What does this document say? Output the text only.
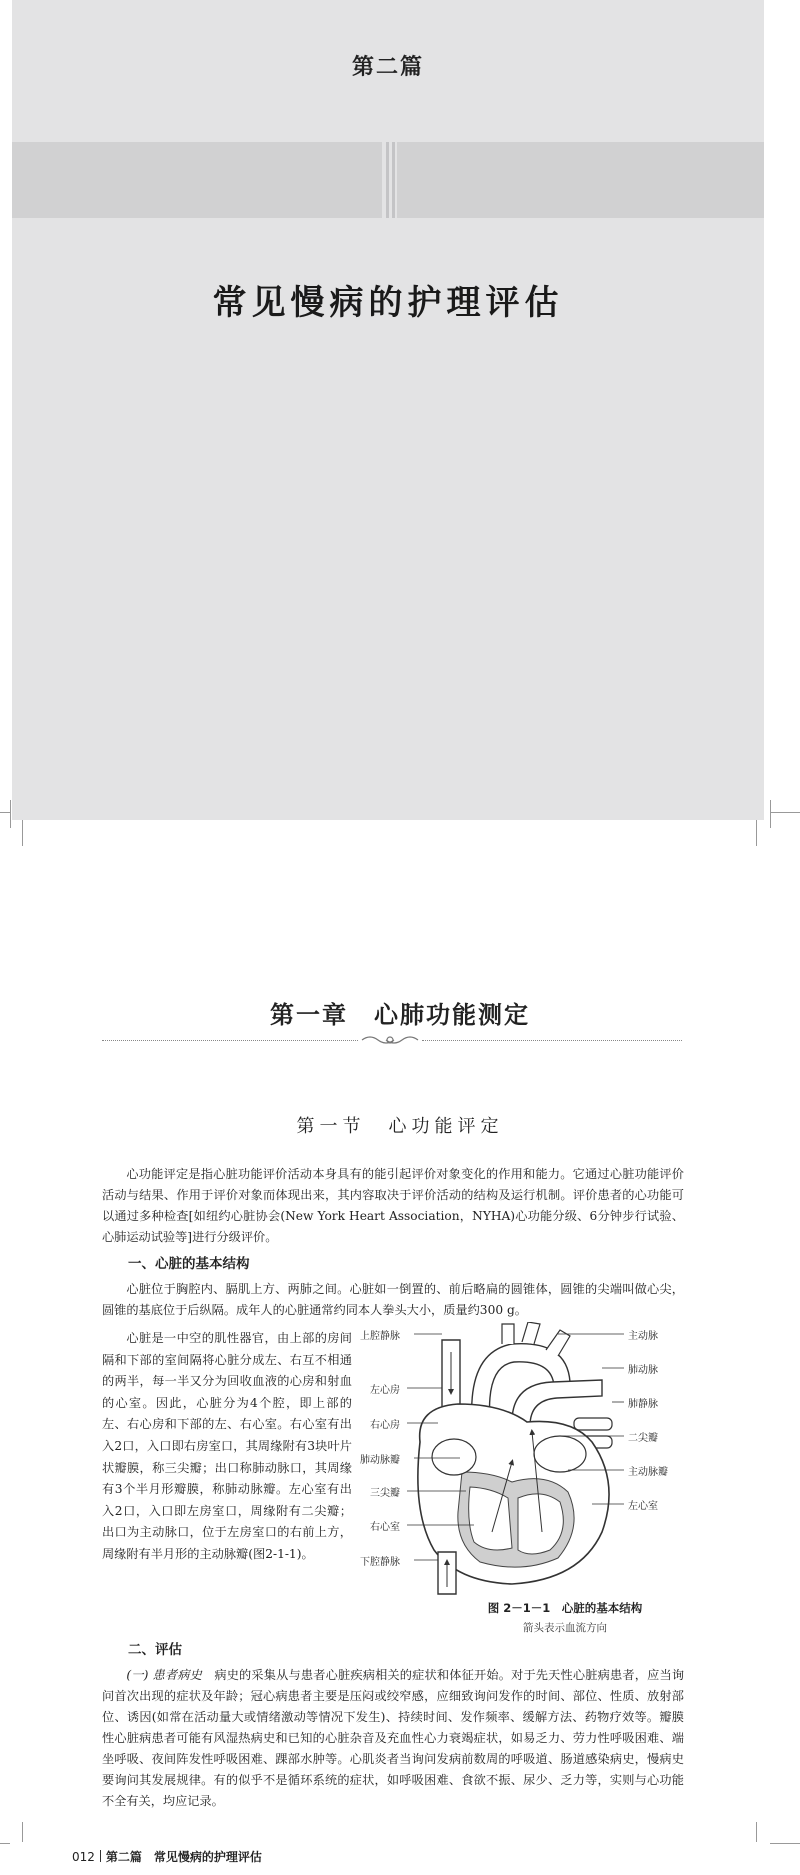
第二篇
常见慢病的护理评估
第一章　心肺功能测定
第一节　心功能评定

心功能评定是指心脏功能评价活动本身具有的能引起评价对象变化的作用和能力。它通过心脏功能评价活动与结果、作用于评价对象而体现出来，其内容取决于评价活动的结构及运行机制。评价患者的心功能可以通过多种检查[如纽约心脏协会(New York Heart Association，NYHA)心功能分级、6分钟步行试验、心肺运动试验等]进行分级评价。

一、心脏的基本结构

心脏位于胸腔内、膈肌上方、两肺之间。心脏如一倒置的、前后略扁的圆锥体，圆锥的尖端叫做心尖，圆锥的基底位于后纵隔。成年人的心脏通常约同本人拳头大小，质量约300 g。

心脏是一中空的肌性器官，由上部的房间隔和下部的室间隔将心脏分成左、右互不相通的两半，每一半又分为回收血液的心房和射血的心室。因此，心脏分为4个腔，即上部的左、右心房和下部的左、右心室。右心室有出入2口，入口即右房室口，其周缘附有3块叶片状瓣膜，称三尖瓣；出口称肺动脉口，其周缘有3个半月形瓣膜，称肺动脉瓣。左心室有出入2口，入口即左房室口，周缘附有二尖瓣；出口为主动脉口，位于左房室口的右前上方，周缘附有半月形的主动脉瓣(图2-1-1)。

上腔静脉
左心房
右心房
肺动脉瓣
三尖瓣
右心室
下腔静脉
主动脉
肺动脉
肺静脉
二尖瓣
主动脉瓣
左心室
图 2－1－1　心脏的基本结构
箭头表示血流方向
二、评估

(一) 患者病史　 病史的采集从与患者心脏疾病相关的症状和体征开始。对于先天性心脏病患者，应当询问首次出现的症状及年龄；冠心病患者主要是压闷或绞窄感，应细致询问发作的时间、部位、性质、放射部位、诱因(如常在活动量大或情绪激动等情况下发生)、持续时间、发作频率、缓解方法、药物疗效等。瓣膜性心脏病患者可能有风湿热病史和已知的心脏杂音及充血性心力衰竭症状，如易乏力、劳力性呼吸困难、端坐呼吸、夜间阵发性呼吸困难、踝部水肿等。心肌炎者当询问发病前数周的呼吸道、肠道感染病史，慢病史要询问其发展规律。有的似乎不是循环系统的症状，如呼吸困难、食欲不振、尿少、乏力等，实则与心功能不全有关，均应记录。

012 第二篇　常见慢病的护理评估
